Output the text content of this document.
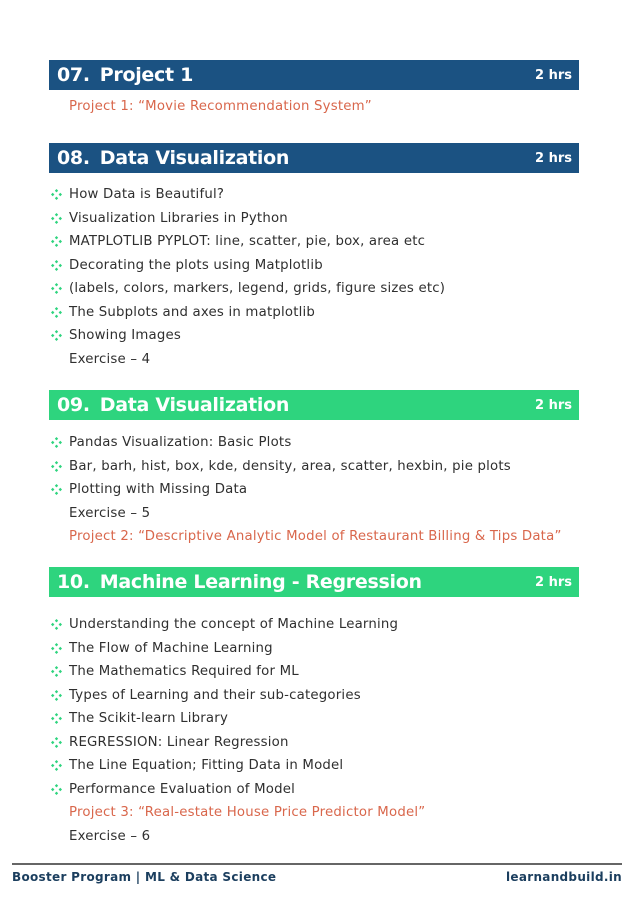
07. Project 1	2 hrs
Project 1: “Movie Recommendation System”
08. Data Visualization	2 hrs
How Data is Beautiful?
Visualization Libraries in Python
MATPLOTLIB PYPLOT: line, scatter, pie, box, area etc
Decorating the plots using Matplotlib
(labels, colors, markers, legend, grids, figure sizes etc)
The Subplots and axes in matplotlib
Showing Images
Exercise – 4
09. Data Visualization	2 hrs
Pandas Visualization: Basic Plots
Bar, barh, hist, box, kde, density, area, scatter, hexbin, pie plots
Plotting with Missing Data
Exercise – 5
Project 2: “Descriptive Analytic Model of Restaurant Billing & Tips Data”
10. Machine Learning - Regression	2 hrs
Understanding the concept of Machine Learning
The Flow of Machine Learning
The Mathematics Required for ML
Types of Learning and their sub-categories
The Scikit-learn Library
REGRESSION: Linear Regression
The Line Equation; Fitting Data in Model
Performance Evaluation of Model
Project 3: “Real-estate House Price Predictor Model”
Exercise – 6
Booster Program | ML & Data Science	learnandbuild.in
